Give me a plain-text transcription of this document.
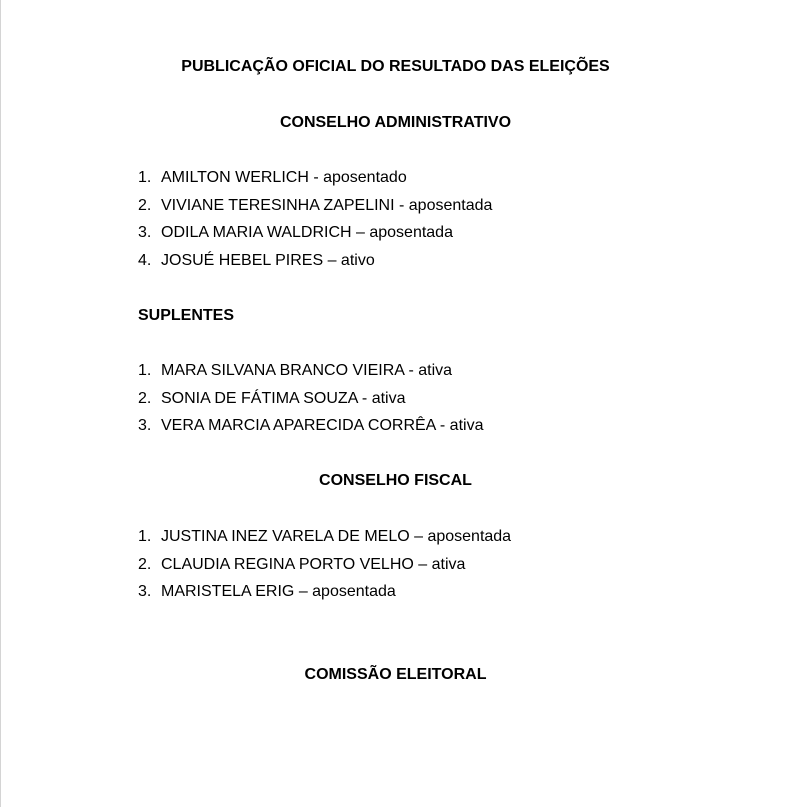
PUBLICAÇÃO OFICIAL DO RESULTADO DAS ELEIÇÕES
CONSELHO ADMINISTRATIVO
1. AMILTON WERLICH - aposentado
2. VIVIANE TERESINHA ZAPELINI - aposentada
3. ODILA MARIA WALDRICH – aposentada
4. JOSUÉ HEBEL PIRES – ativo
SUPLENTES
1. MARA SILVANA BRANCO VIEIRA - ativa
2. SONIA DE FÁTIMA SOUZA - ativa
3. VERA MARCIA APARECIDA CORRÊA - ativa
CONSELHO FISCAL
1. JUSTINA INEZ VARELA DE MELO – aposentada
2. CLAUDIA REGINA PORTO VELHO – ativa
3. MARISTELA ERIG – aposentada
COMISSÃO ELEITORAL
